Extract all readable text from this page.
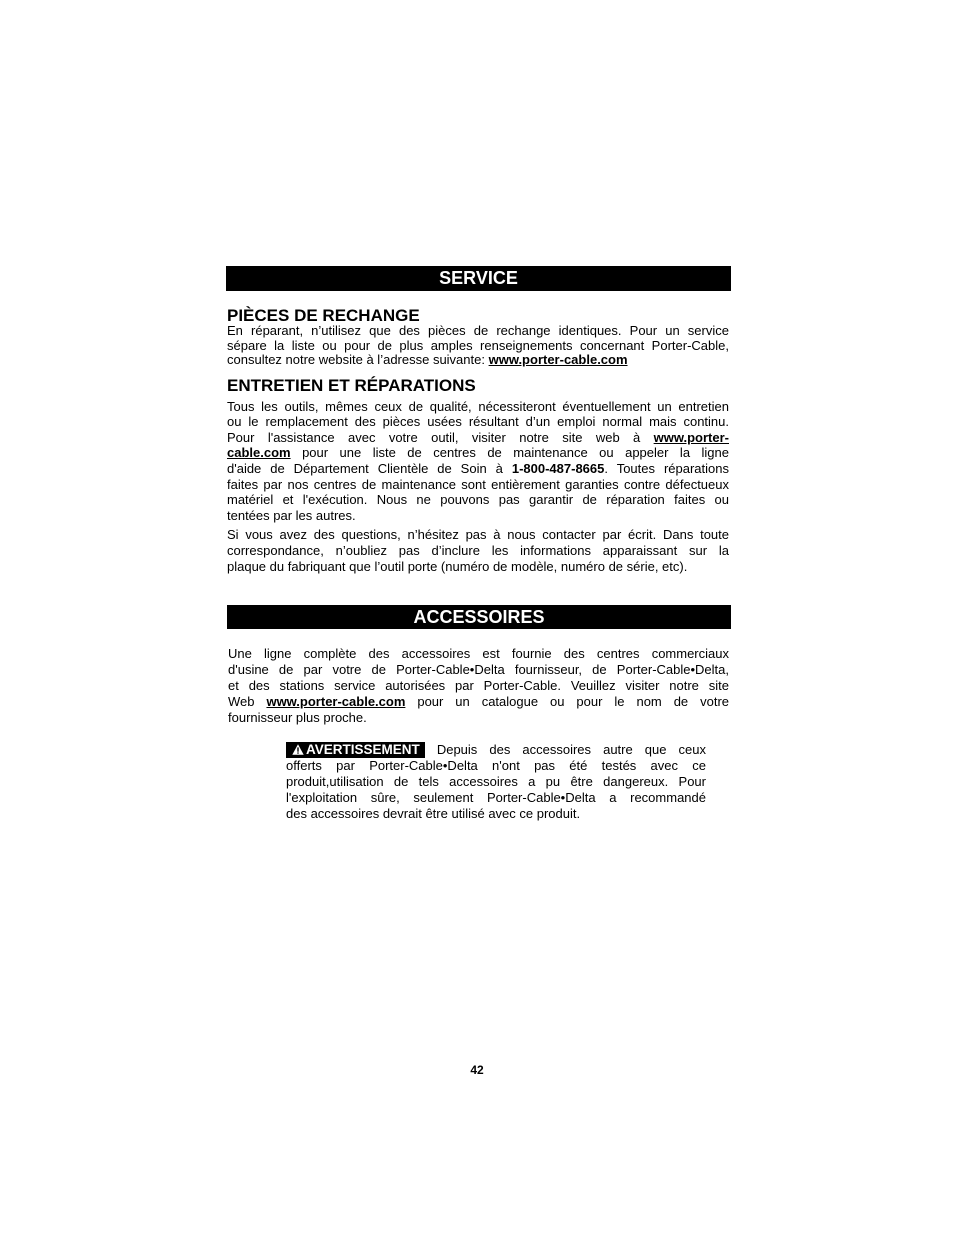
SERVICE
PIÈCES DE RECHANGE
En réparant, n’utilisez que des pièces de rechange identiques. Pour un service
sépare la liste ou pour de plus amples renseignements concernant Porter-Cable,
consultez notre website à l’adresse suivante: www.porter-cable.com
ENTRETIEN ET RÉPARATIONS
Tous les outils, mêmes ceux de qualité, nécessiteront éventuellement un entretien
ou le remplacement des pièces usées résultant d’un emploi normal mais continu.
Pour l'assistance avec votre outil, visiter notre site web à www.porter-
cable.com pour une liste de centres de maintenance ou appeler la ligne
d'aide de Département Clientèle de Soin à 1-800-487-8665. Toutes réparations
faites par nos centres de maintenance sont entièrement garanties contre défectueux
matériel et l'exécution. Nous ne pouvons pas garantir de réparation faites ou
tentées par les autres.
Si vous avez des questions, n’hésitez pas à nous contacter par écrit. Dans toute
correspondance, n’oubliez pas d’inclure les informations apparaissant sur la
plaque du fabriquant que l’outil porte (numéro de modèle, numéro de série, etc).
ACCESSOIRES
Une ligne complète des accessoires est fournie des centres commerciaux
d'usine de par votre de Porter-Cable•Delta fournisseur, de Porter-Cable•Delta,
et des stations service autorisées par Porter-Cable. Veuillez visiter notre site
Web www.porter-cable.com pour un catalogue ou pour le nom de votre
fournisseur plus proche.
AVERTISSEMENT Depuis des accessoires autre que ceux
offerts par Porter-Cable•Delta n'ont pas été testés avec ce
produit,utilisation de tels accessoires a pu être dangereux. Pour
l'exploitation sûre, seulement Porter-Cable•Delta a recommandé
des accessoires devrait être utilisé avec ce produit.
42
